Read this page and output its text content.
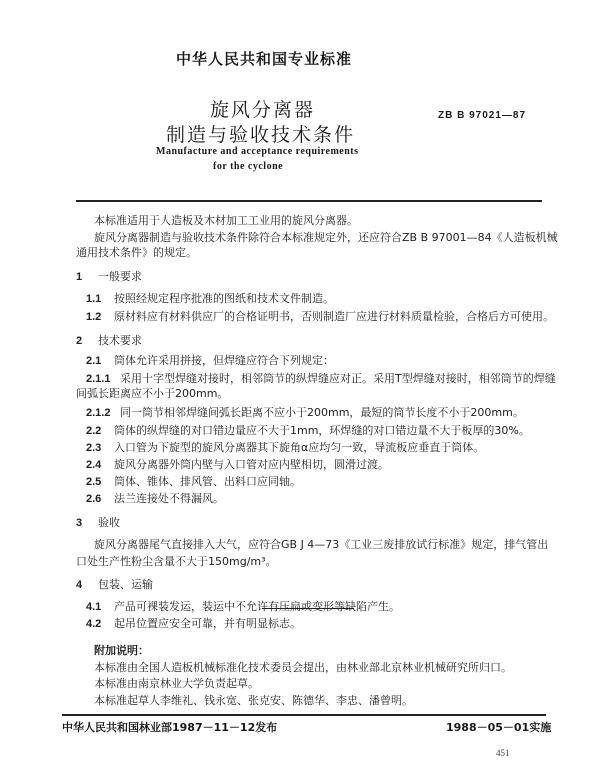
中华人民共和国专业标准
旋风分离器
制造与验收技术条件
ZB B 97021—87
Manufacture and acceptance requirements
for the cyclone
本标准适用于人造板及木材加工工业用的旋风分离器。
旋风分离器制造与验收技术条件除符合本标准规定外，还应符合ZB B 97001—84《人造板机械
通用技术条件》的规定。
1 一般要求
1.1 按照经规定程序批准的图纸和技术文件制造。
1.2 原材料应有材料供应厂的合格证明书，否则制造厂应进行材料质量检验，合格后方可使用。
2 技术要求
2.1 筒体允许采用拼接，但焊缝应符合下列规定：
2.1.1 采用十字型焊缝对接时，相邻筒节的纵焊缝应对正。采用T型焊缝对接时，相邻筒节的焊缝
间弧长距离应不小于200mm。
2.1.2 同一筒节相邻焊缝间弧长距离不应小于200mm，最短的筒节长度不小于200mm。
2.2 筒体的纵焊缝的对口错边量应不大于1mm，环焊缝的对口错边量不大于板厚的30%。
2.3 入口管为下旋型的旋风分离器其下旋角α应均匀一致，导流板应垂直于筒体。
2.4 旋风分离器外筒内壁与入口管对应内壁相切，圆滑过渡。
2.5 筒体、锥体、排风管、出料口应同轴。
2.6 法兰连接处不得漏风。
3 验收
旋风分离器尾气直接排入大气，应符合GB J 4—73《工业三废排放试行标准》规定，排气管出
口处生产性粉尘含量不大于150mg/m³。
4 包装、运输
4.1 产品可裸装发运，装运中不允许有压扁或变形等缺陷产生。
4.2 起吊位置应安全可靠，并有明显标志。
附加说明：
本标准由全国人造板机械标准化技术委员会提出，由林业部北京林业机械研究所归口。
本标准由南京林业大学负责起草。
本标准起草人李维礼、钱永宽、张克安、陈德华、李忠、潘曾明。
中华人民共和国林业部1987－11－12发布	1988－05－01实施
451
